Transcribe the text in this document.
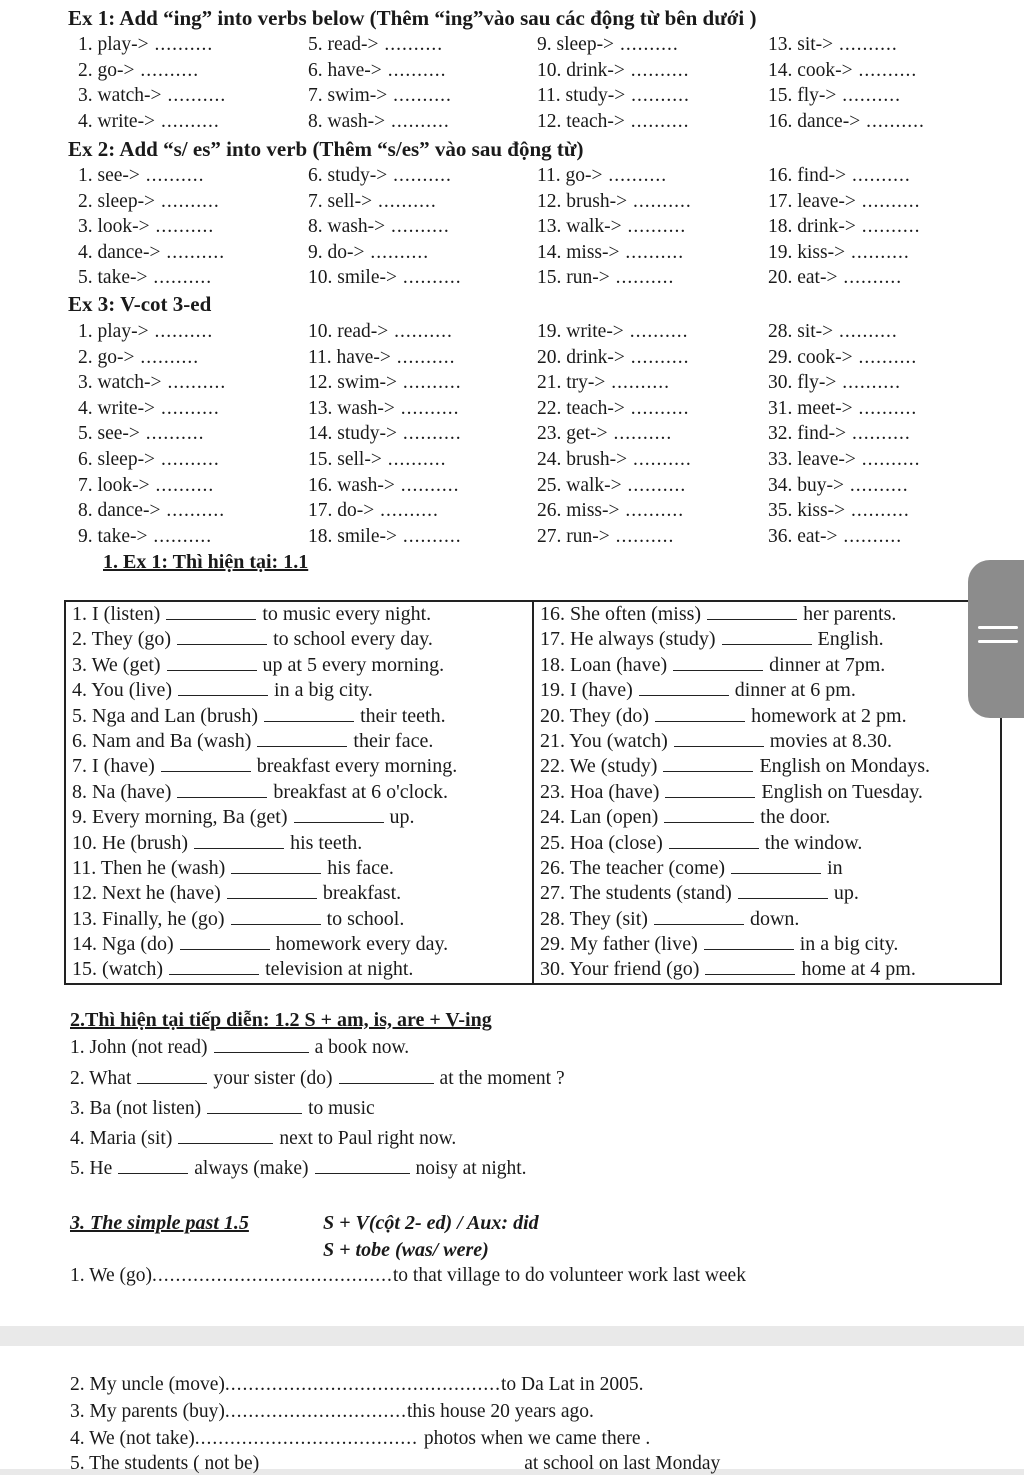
Ex 1: Add “ing” into verbs below (Thêm “ing”vào sau các động từ bên dưới )
1. play-> ..........	5. read-> ..........	9. sleep-> ..........	13. sit-> ..........
2. go-> ..........	6. have-> ..........	10. drink-> ..........	14. cook-> ..........
3. watch-> ..........	7. swim-> ..........	11. study-> ..........	15. fly-> ..........
4. write-> ..........	8. wash-> ..........	12. teach-> ..........	16. dance-> ..........
Ex 2: Add “s/ es” into verb (Thêm “s/es” vào sau động từ)
1. see-> ..........	6. study-> ..........	11. go-> ..........	16. find-> ..........
2. sleep-> ..........	7. sell-> ..........	12. brush-> ..........	17. leave-> ..........
3. look-> ..........	8. wash-> ..........	13. walk-> ..........	18. drink-> ..........
4. dance-> ..........	9. do-> ..........	14. miss-> ..........	19. kiss-> ..........
5. take-> ..........	10. smile-> ..........	15. run-> ..........	20. eat-> ..........
Ex 3: V-cot 3-ed
1. play-> ..........	10. read-> ..........	19. write-> ..........	28. sit-> ..........
2. go-> ..........	11. have-> ..........	20. drink-> ..........	29. cook-> ..........
3. watch-> ..........	12. swim-> ..........	21. try-> ..........	30. fly-> ..........
4. write-> ..........	13. wash-> ..........	22. teach-> ..........	31. meet-> ..........
5. see-> ..........	14. study-> ..........	23. get-> ..........	32. find-> ..........
6. sleep-> ..........	15. sell-> ..........	24. brush-> ..........	33. leave-> ..........
7. look-> ..........	16. wash-> ..........	25. walk-> ..........	34. buy-> ..........
8. dance-> ..........	17. do-> ..........	26. miss-> ..........	35. kiss-> ..........
9. take-> ..........	18. smile-> ..........	27. run-> ..........	36. eat-> ..........
1. Ex 1: Thì hiện tại: 1.1
1. I (listen)	to music every night.
2. They (go)	to school every day.
3. We (get)	up at 5 every morning.
4. You (live)	in a big city.
5. Nga and Lan (brush)	their teeth.
6. Nam and Ba (wash)	their face.
7. I (have)	breakfast every morning.
8. Na (have)	breakfast at 6 o'clock.
9. Every morning, Ba (get)	up.
10. He (brush)	his teeth.
11. Then he (wash)	his face.
12. Next he (have)	breakfast.
13. Finally, he (go)	to school.
14. Nga (do)	homework every day.
15. (watch)	television at night.

16. She often (miss)	her parents.
17. He always (study)	English.
18. Loan (have)	dinner at 7pm.
19. I (have)	dinner at 6 pm.
20. They (do)	homework at 2 pm.
21. You (watch)	movies at 8.30.
22. We (study)	English on Mondays.
23. Hoa (have)	English on Tuesday.
24. Lan (open)	the door.
25. Hoa (close)	the window.
26. The teacher (come)	in
27. The students (stand)	up.
28. They (sit)	down.
29. My father (live)	in a big city.
30. Your friend (go)	home at 4 pm.
2.Thì hiện tại tiếp diễn: 1.2 S + am, is, are + V-ing
1. John (not read)	a book now.
2. What	your sister (do)	at the moment ?
3. Ba (not listen)	to music
4. Maria (sit)	next to Paul right now.
5. He	always (make)	noisy at night.
3. The simple past 1.5	S + V(cột 2- ed) / Aux: did
S + tobe (was/ were)
1. We (go).........................................to that village to do volunteer work last week
2. My uncle (move)...............................................to Da Lat in 2005.
3. My parents (buy)...............................this house 20 years ago.
4. We (not take)...................................... photos when we came there .
5. The students ( not be)	at school on last Monday
